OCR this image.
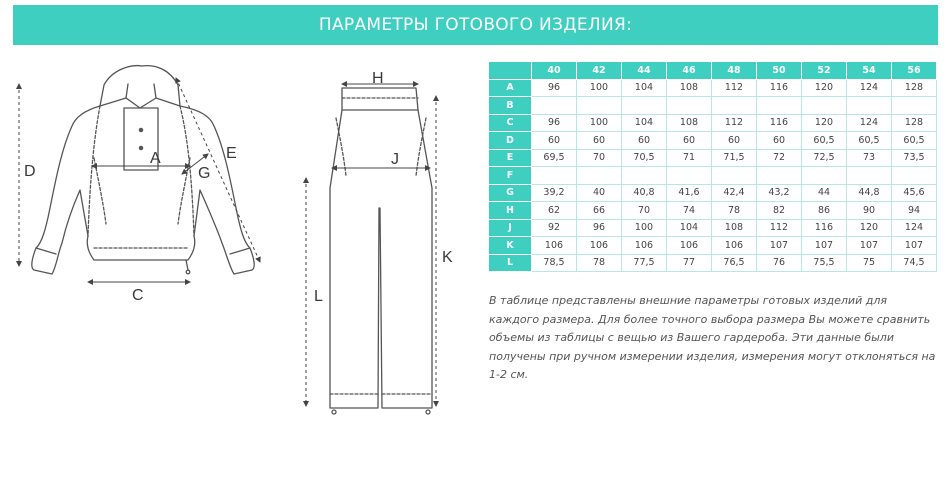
ПАРАМЕТРЫ ГОТОВОГО ИЗДЕЛИЯ:
D
A
C
E
G
H
J
L
K
	40	42	44	46	48	50	52	54	56
A	96	100	104	108	112	116	120	124	128
B									
C	96	100	104	108	112	116	120	124	128
D	60	60	60	60	60	60	60,5	60,5	60,5
E	69,5	70	70,5	71	71,5	72	72,5	73	73,5
F									
G	39,2	40	40,8	41,6	42,4	43,2	44	44,8	45,6
H	62	66	70	74	78	82	86	90	94
J	92	96	100	104	108	112	116	120	124
K	106	106	106	106	106	107	107	107	107
L	78,5	78	77,5	77	76,5	76	75,5	75	74,5

В таблице представлены внешние параметры готовых изделий для каждого размера. Для более точного выбора размера Вы можете сравнить объемы из таблицы с вещью из Вашего гардероба. Эти данные были получены при ручном измерении изделия, измерения могут отклоняться на 1-2 см.
